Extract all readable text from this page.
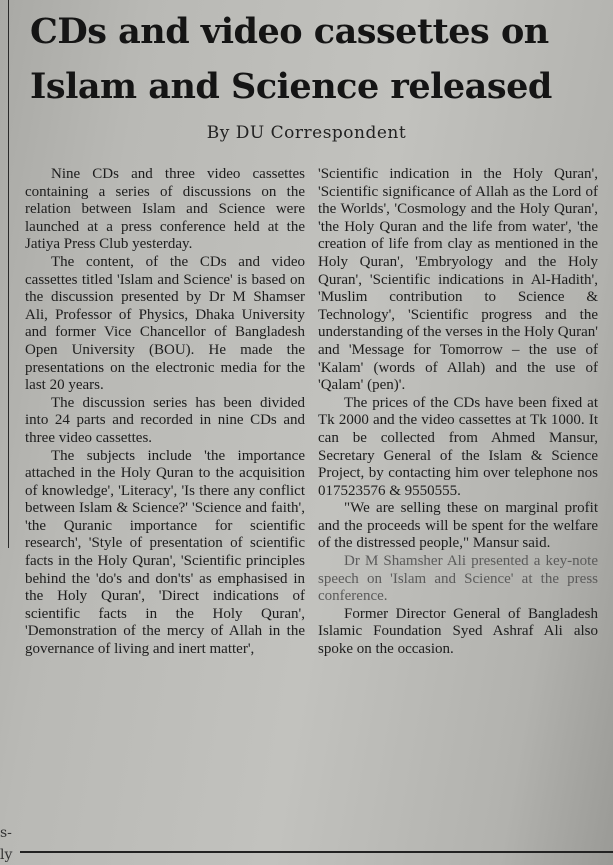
CDs and video cassettes on Islam and Science released
By DU Correspondent

Nine CDs and three video cassettes containing a series of discussions on the relation between Islam and Science were launched at a press conference held at the Jatiya Press Club yesterday.

The content, of the CDs and video cassettes titled 'Islam and Science' is based on the discussion presented by Dr M Shamser Ali, Professor of Physics, Dhaka University and former Vice Chancellor of Bangladesh Open University (BOU). He made the presentations on the electronic media for the last 20 years.

The discussion series has been divided into 24 parts and recorded in nine CDs and three video cassettes.

The subjects include 'the importance attached in the Holy Quran to the acquisition of knowledge', 'Literacy', 'Is there any conflict between Islam & Science?' 'Science and faith', 'the Quranic importance for scientific research', 'Style of presentation of scientific facts in the Holy Quran', 'Scientific principles behind the 'do's and don'ts' as emphasised in the Holy Quran', 'Direct indications of scientific facts in the Holy Quran', 'Demonstration of the mercy of Allah in the governance of living and inert matter',

'Scientific indication in the Holy Quran', 'Scientific significance of Allah as the Lord of the Worlds', 'Cosmology and the Holy Quran', 'the Holy Quran and the life from water', 'the creation of life from clay as mentioned in the Holy Quran', 'Embryology and the Holy Quran', 'Scientific indications in Al-Hadith', 'Muslim contribution to Science & Technology', 'Scientific progress and the understanding of the verses in the Holy Quran' and 'Message for Tomorrow – the use of 'Kalam' (words of Allah) and the use of 'Qalam' (pen)'.

The prices of the CDs have been fixed at Tk 2000 and the video cassettes at Tk 1000. It can be collected from Ahmed Mansur, Secretary General of the Islam & Science Project, by contacting him over telephone nos 017523576 & 9550555.

"We are selling these on marginal profit and the proceeds will be spent for the welfare of the distressed people," Mansur said.

Dr M Shamsher Ali presented a key-note speech on 'Islam and Science' at the press conference.

Former Director General of Bangladesh Islamic Foundation Syed Ashraf Ali also spoke on the occasion.

s-
ly
